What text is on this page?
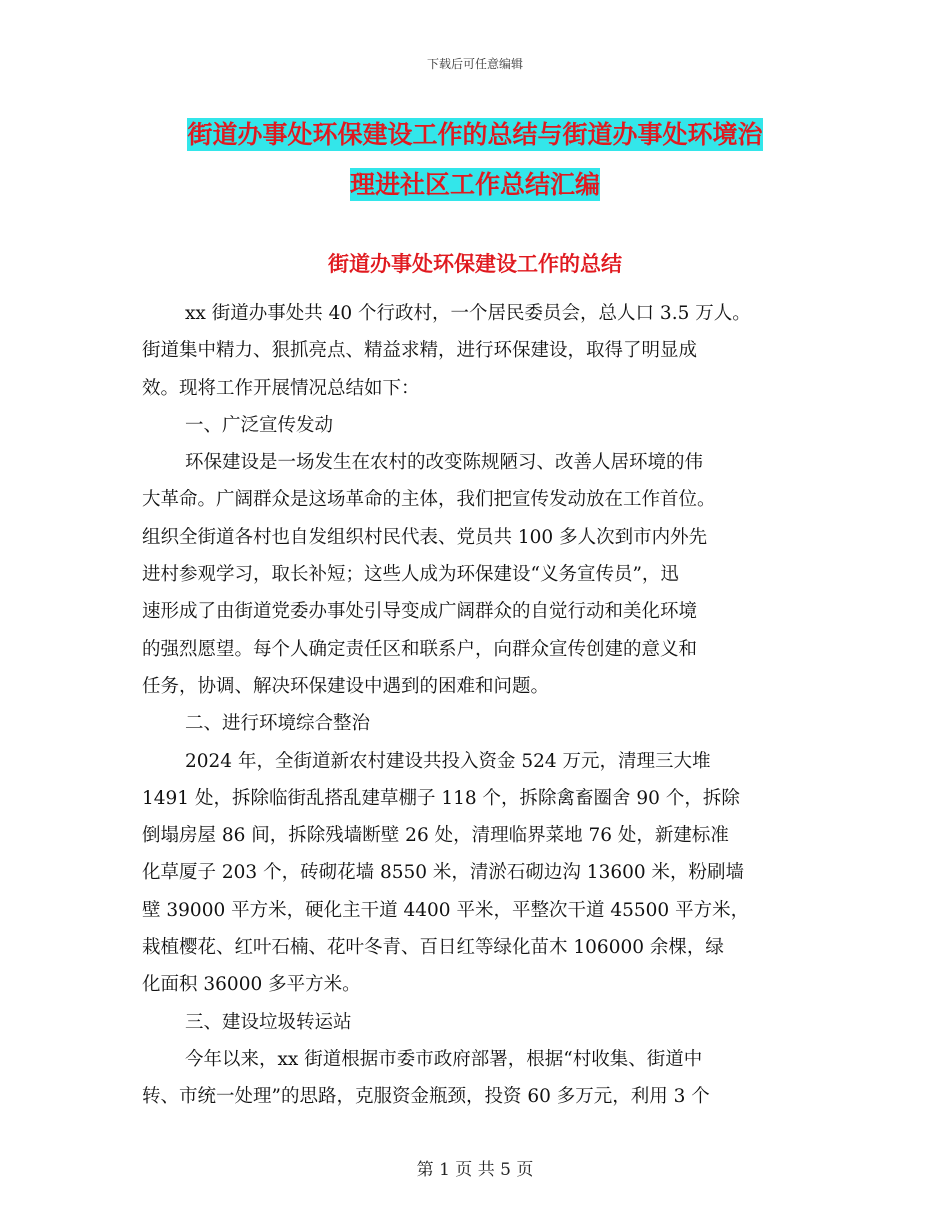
下载后可任意编辑
街道办事处环保建设工作的总结与街道办事处环境治
理进社区工作总结汇编
街道办事处环保建设工作的总结
xx 街道办事处共 40 个行政村，一个居民委员会，总人口 3.5 万人。
街道集中精力、狠抓亮点、精益求精，进行环保建设，取得了明显成
效。现将工作开展情况总结如下：
一、广泛宣传发动
环保建设是一场发生在农村的改变陈规陋习、改善人居环境的伟
大革命。广阔群众是这场革命的主体，我们把宣传发动放在工作首位。
组织全街道各村也自发组织村民代表、党员共 100 多人次到市内外先
进村参观学习，取长补短；这些人成为环保建设“义务宣传员”，迅
速形成了由街道党委办事处引导变成广阔群众的自觉行动和美化环境
的强烈愿望。每个人确定责任区和联系户，向群众宣传创建的意义和
任务，协调、解决环保建设中遇到的困难和问题。
二、进行环境综合整治
2024 年，全街道新农村建设共投入资金 524 万元，清理三大堆
1491 处，拆除临街乱搭乱建草棚子 118 个，拆除禽畜圈舍 90 个，拆除
倒塌房屋 86 间，拆除残墙断壁 26 处，清理临界菜地 76 处，新建标准
化草厦子 203 个，砖砌花墙 8550 米，清淤石砌边沟 13600 米，粉刷墙
壁 39000 平方米，硬化主干道 4400 平米，平整次干道 45500 平方米，
栽植樱花、红叶石楠、花叶冬青、百日红等绿化苗木 106000 余棵，绿
化面积 36000 多平方米。
三、建设垃圾转运站
今年以来，xx 街道根据市委市政府部署，根据“村收集、街道中
转、市统一处理”的思路，克服资金瓶颈，投资 60 多万元，利用 3 个
第 1 页 共 5 页
